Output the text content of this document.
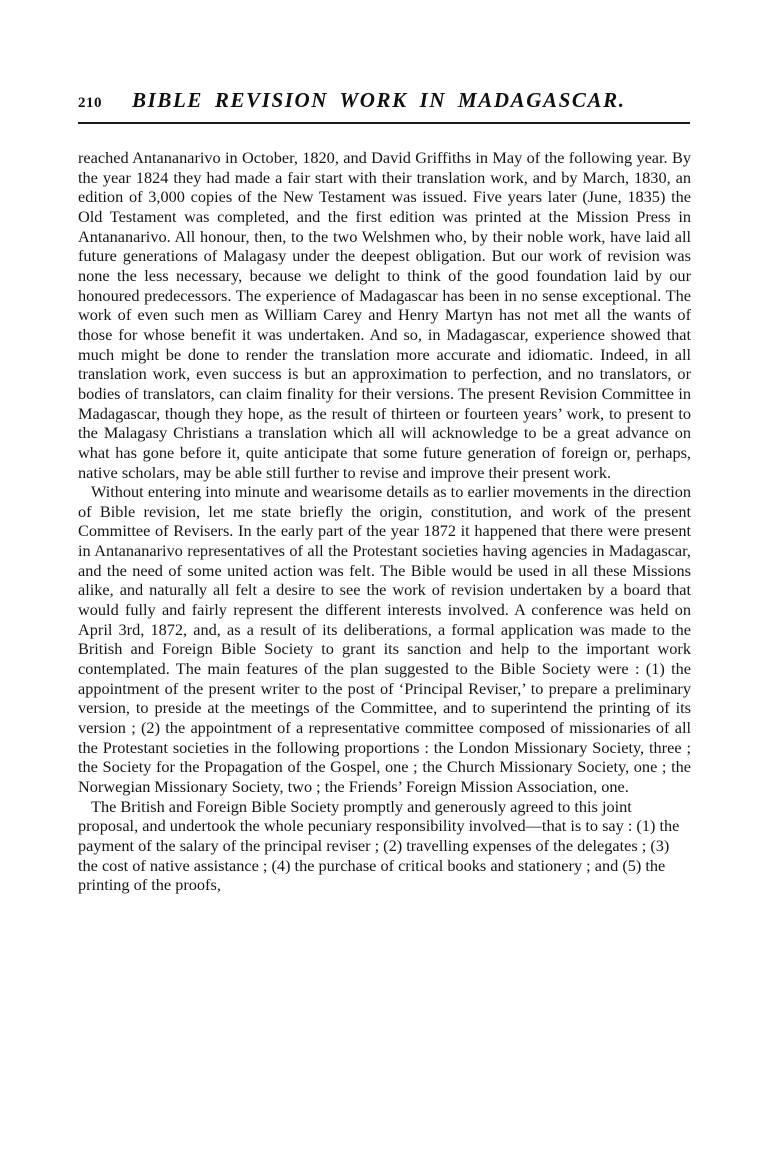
210 BIBLE REVISION WORK IN MADAGASCAR.

reached Antananarivo in October, 1820, and David Griffiths in May of the following year. By the year 1824 they had made a fair start with their translation work, and by March, 1830, an edition of 3,000 copies of the New Testament was issued. Five years later (June, 1835) the Old Testament was completed, and the first edition was printed at the Mission Press in Antananarivo. All honour, then, to the two Welshmen who, by their noble work, have laid all future generations of Malagasy under the deepest obligation. But our work of revision was none the less necessary, because we delight to think of the good foundation laid by our honoured predecessors. The experience of Madagascar has been in no sense exceptional. The work of even such men as William Carey and Henry Martyn has not met all the wants of those for whose benefit it was undertaken. And so, in Madagascar, experience showed that much might be done to render the translation more accurate and idiomatic. Indeed, in all translation work, even success is but an approximation to perfection, and no translators, or bodies of translators, can claim finality for their versions. The present Revision Committee in Madagascar, though they hope, as the result of thirteen or fourteen years’ work, to present to the Malagasy Christians a translation which all will acknowledge to be a great advance on what has gone before it, quite anticipate that some future generation of foreign or, perhaps, native scholars, may be able still further to revise and improve their present work.

Without entering into minute and wearisome details as to earlier movements in the direction of Bible revision, let me state briefly the origin, constitution, and work of the present Committee of Revisers. In the early part of the year 1872 it happened that there were present in Antananarivo representatives of all the Protestant societies having agencies in Madagascar, and the need of some united action was felt. The Bible would be used in all these Missions alike, and naturally all felt a desire to see the work of revision undertaken by a board that would fully and fairly represent the different interests involved. A conference was held on April 3rd, 1872, and, as a result of its deliberations, a formal application was made to the British and Foreign Bible Society to grant its sanction and help to the important work contemplated. The main features of the plan suggested to the Bible Society were : (1) the appointment of the present writer to the post of ‘Principal Reviser,’ to prepare a preliminary version, to preside at the meetings of the Committee, and to superintend the printing of its version ; (2) the appointment of a representative committee composed of missionaries of all the Protestant societies in the following proportions : the London Missionary Society, three ; the Society for the Propagation of the Gospel, one ; the Church Missionary Society, one ; the Norwegian Missionary Society, two ; the Friends’ Foreign Mission Association, one.

The British and Foreign Bible Society promptly and generously agreed to this joint proposal, and undertook the whole pecuniary responsibility involved—that is to say : (1) the payment of the salary of the principal reviser ; (2) travelling expenses of the delegates ; (3) the cost of native assistance ; (4) the purchase of critical books and stationery ; and (5) the printing of the proofs,
